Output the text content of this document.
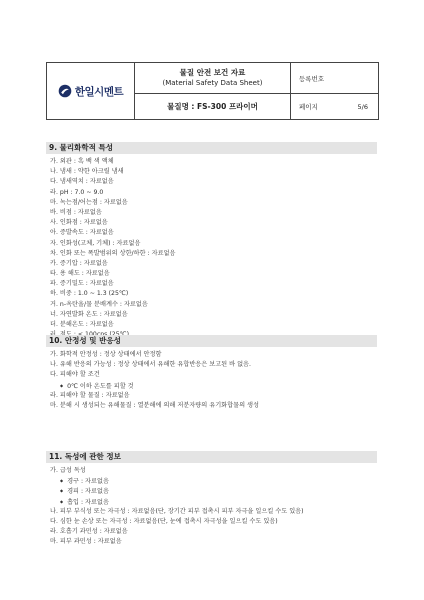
한일시멘트
물질 안전 보건 자료
(Material Safety Data Sheet)
물질명 : FS-300 프라이머
등록번호
페이지	5/6
9. 물리화학적 특성
가. 외관 : 흑 백 색 액체
나. 냄새 : 약한 아크릴 냄새
다. 냄새역치 : 자료없음
라. pH : 7.0 ~ 9.0
마. 녹는점/어는점 : 자료없음
바. 비점 : 자료없음
사. 인화점 : 자료없음
아. 증발속도 : 자료없음
자. 인화성(고체, 기체) : 자료없음
차. 인화 또는 폭발범위의 상한/하한 : 자료없음
카. 증기압 : 자료없음
타. 용 해도 : 자료없음
파. 증기밀도 : 자료없음
하. 비중 : 1.0 ~ 1.3 (25℃)
거. n-옥탄올/물 분배계수 : 자료없음
너. 자연발화 온도 : 자료없음
더. 분해온도 : 자료없음
10. 안정성 및 반응성
가. 화학적 안정성 : 정상 상태에서 안정함
나. 유해 반응의 가능성 : 정상 상태에서 유해한 유합반응은 보고된 바 없음.
다. 피해야 할 조건
◆ 0℃ 이하 온도를 피할 것
라. 피해야 할 물질 : 자료없음
마. 분해 시 생성되는 유해물질 : 열분해에 의해 저분자량의 유기화합물의 생성
11. 독성에 관한 정보
가. 급성 독성
◆ 경구 : 자료없음
◆ 경피 : 자료없음
◆ 흡입 : 자료없음
나. 피부 부식성 또는 자극성 : 자료없음(단, 장기간 피부 접촉시 피부 자극을 일으킬 수도 있음)
다. 심한 눈 손상 또는 자극성 : 자료없음(단, 눈에 접촉시 자극성을 일으킬 수도 있음)
라. 호흡기 과민성 : 자료없음
마. 피부 과민성 : 자료없음
